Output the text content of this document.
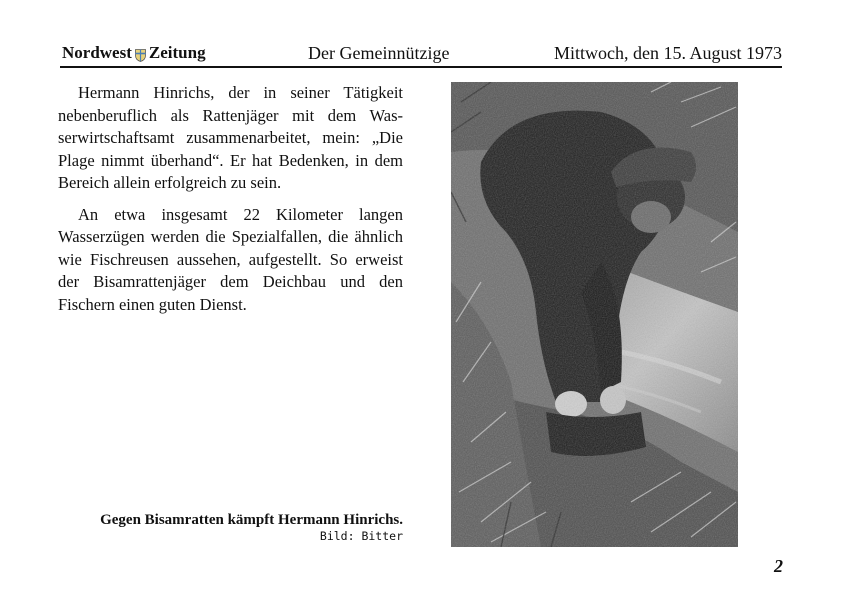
Nordwest Zeitung	Der Gemeinnützige	Mittwoch, den 15. August 1973

Hermann Hinrichs, der in seiner Tätigkeit nebenberuflich als Rattenjäger mit dem Wasserwirtschaftsamt zusammenarbeitet, mein: „Die Plage nimmt überhand“. Er hat Bedenken, in dem Bereich allein erfolgreich zu sein.

An etwa insgesamt 22 Kilometer langen Wasserzügen werden die Spezialfallen, die ähnlich wie Fischreusen aussehen, aufgestellt. So erweist der Bisamrattenjäger dem Deichbau und den Fischern einen guten Dienst.

Gegen Bisamratten kämpft Hermann Hinrichs.
Bild: Bitter
2
